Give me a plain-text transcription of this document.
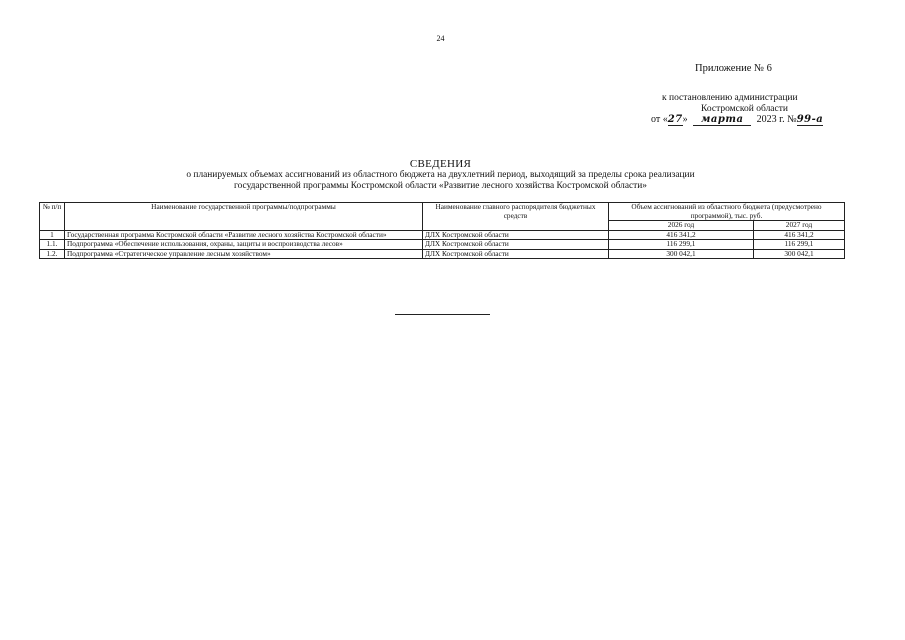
24
Приложение № 6
к постановлению администрации
Костромской области
от «27» марта 2023 г. №99-а
СВЕДЕНИЯ
о планируемых объемах ассигнований из областного бюджета на двухлетний период, выходящий за пределы срока реализации
государственной программы Костромской области «Развитие лесного хозяйства Костромской области»
№ п/п	Наименование государственной программы/подпрограммы	Наименование главного распорядителя бюджетных средств	Объем ассигнований из областного бюджета (предусмотрено программой), тыс. руб.	
			2026 год	2027 год
1	Государственная программа Костромской области «Развитие лесного хозяйства Костромской области»	ДЛХ Костромской области	416 341,2	416 341,2
1.1.	Подпрограмма «Обеспечение использования, охраны, защиты и воспроизводства лесов»	ДЛХ Костромской области	116 299,1	116 299,1
1.2.	Подпрограмма «Стратегическое управление лесным хозяйством»	ДЛХ Костромской области	300 042,1	300 042,1
